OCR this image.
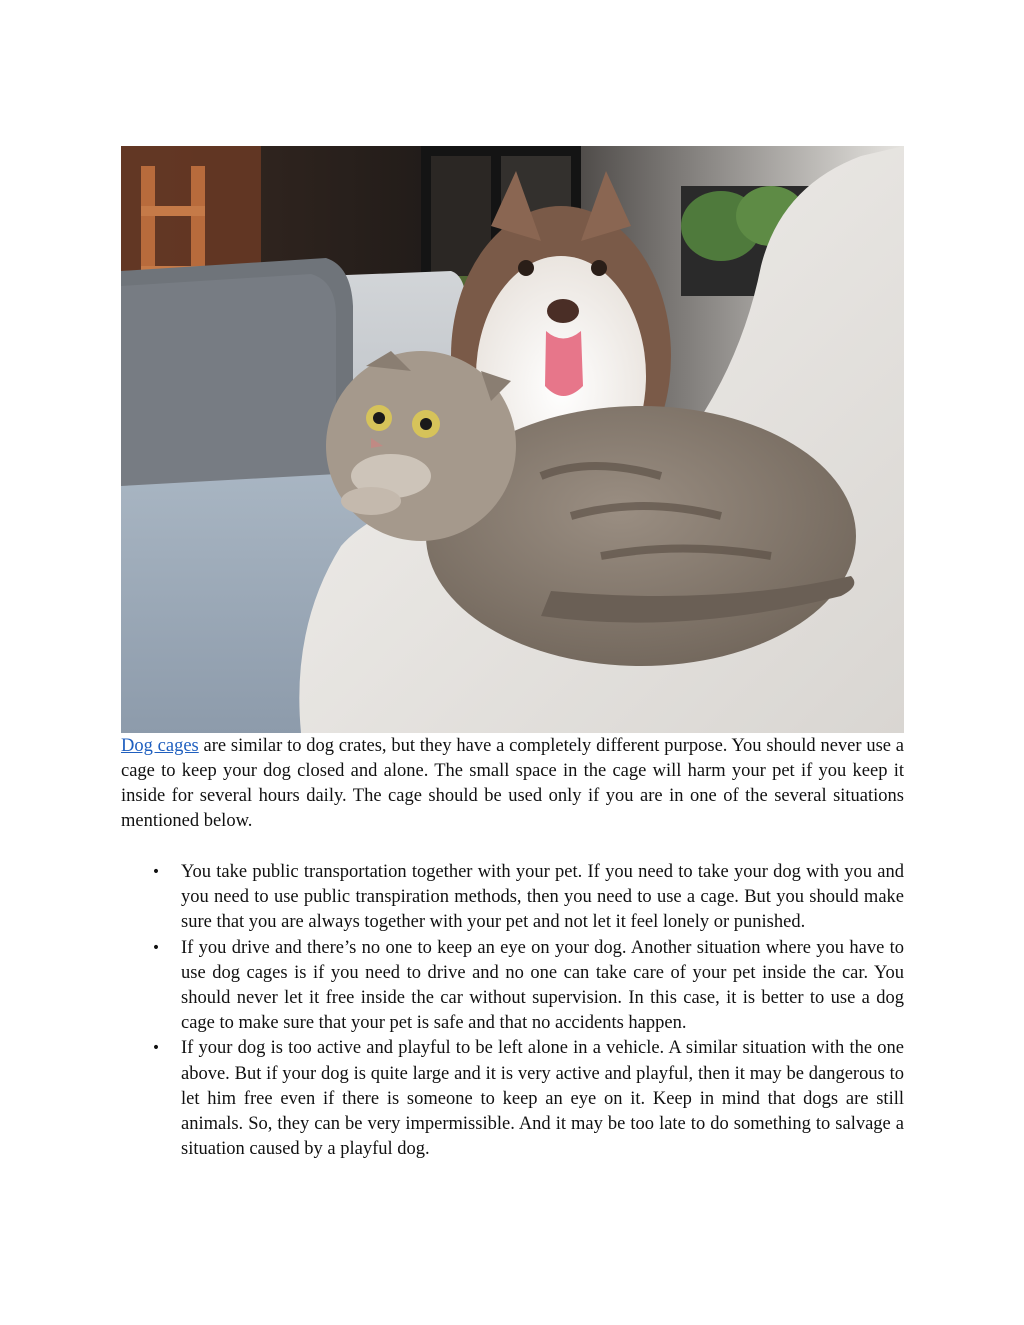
Dog cages are similar to dog crates, but they have a completely different purpose. You should never use a cage to keep your dog closed and alone. The small space in the cage will harm your pet if you keep it inside for several hours daily. The cage should be used only if you are in one of the several situations mentioned below.

• You take public transportation together with your pet. If you need to take your dog with you and you need to use public transpiration methods, then you need to use a cage. But you should make sure that you are always together with your pet and not let it feel lonely or punished.
• If you drive and there’s no one to keep an eye on your dog. Another situation where you have to use dog cages is if you need to drive and no one can take care of your pet inside the car. You should never let it free inside the car without supervision. In this case, it is better to use a dog cage to make sure that your pet is safe and that no accidents happen.
• If your dog is too active and playful to be left alone in a vehicle. A similar situation with the one above. But if your dog is quite large and it is very active and playful, then it may be dangerous to let him free even if there is someone to keep an eye on it. Keep in mind that dogs are still animals. So, they can be very impermissible. And it may be too late to do something to salvage a situation caused by a playful dog.
